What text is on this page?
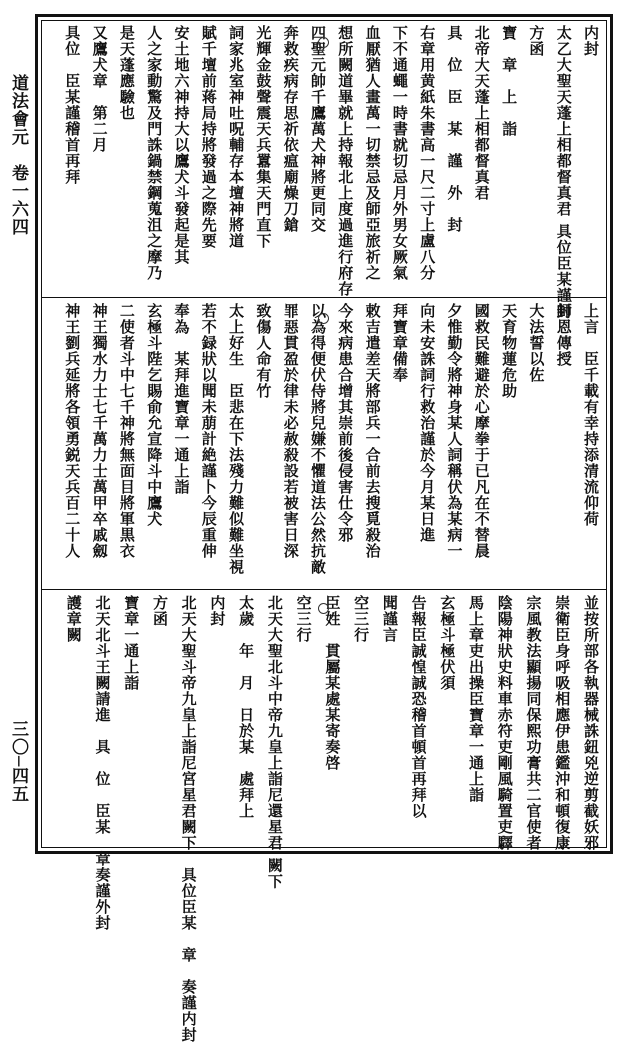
道法會元　卷一六四
三〇─四五
内封
太乙大聖天蓬上相都督真君 具位臣某謹封
方函
寶　章　上　詣
北帝大天蓬上相都督真君
具　位　臣　某　謹　外　封
右章用黄紙朱書高一尺二寸上盧八分
下不通蠅一時書就切忌月外男女厥氣
血厭猶人畫萬一切禁忌及師亞旅祈之
想所闕道畢就上持報北上度過進行府存
四聖元帥千鷹萬犬神將更同交
奔救疾病存思祈依瘟廟燥刀鎗
光輝金鼓聲震天兵囂集天門直下
詞家兆室神吐呪輔存本壇神將道
賦千壇前蒋局持將發過之際先要
安土地六神持大以鷹犬斗發起是其
人之家動驚及門誅鍋禁鋼蒐沮之摩乃
是天蓬應驗也
又鷹犬章　第二月
具位　臣某謹稽首再拜
上言　臣千載有幸持添清流仰荷
師恩傳授
大法誓以佐
天育物蓮危助
國救民難避於心摩拳于已凡在不替晨
夕惟勤令將神身某人詞稱伏為某病一
向未安誅詞行救治謹於今月某日進
拜寶章備奉
敕吉遣差天將部兵一合前去搜覓殺治
今來病患合增其崇前後侵害仕令邪
以為得便伏侍將兒嫌不懼道法公然抗敵
罪惡貫盈於律未必赦殺設若被害日深
致傷人命有竹
太上好生　臣悲在下法殘力難似難坐視
若不録狀以聞未萠計絶謹卜今辰重伸
奉為　某拜進寶章一通上詣
玄極斗陛乞賜俞允宣降斗中鷹犬
二使者斗中七千神將無面目將軍黒衣
神王獨水力士七千萬力士萬甲卒戚劔
神王劉兵延將各領勇鋭天兵百二十人
並按所部各執器械誅鈕兇逆剪截妖邪
崇衛臣身呼吸相應伊患鑑沖和頓復康
宗風教法顯揚同保熙功膏共二官使者
陰陽神狀史料車赤符吏剛風騎置吏驛
馬上章吏出操臣寶章一通上詣
玄極斗極伏須
告報臣誠惶誠恐稽首頓首再拜以
聞謹言
空三行
臣姓　貫屬某處某寄奏啓
空三行
北天大聖北斗中帝九皇上詣尼還星君 闕下
太歲　年　月　日於某　處拜上
内封
北天大聖斗帝九皇上詣尼宮星君闕下　具位臣某　章　奏謹内封
方函
寶章一通上詣
北天北斗王闕請進　具　位　臣某　章奏謹外封
護章闕
